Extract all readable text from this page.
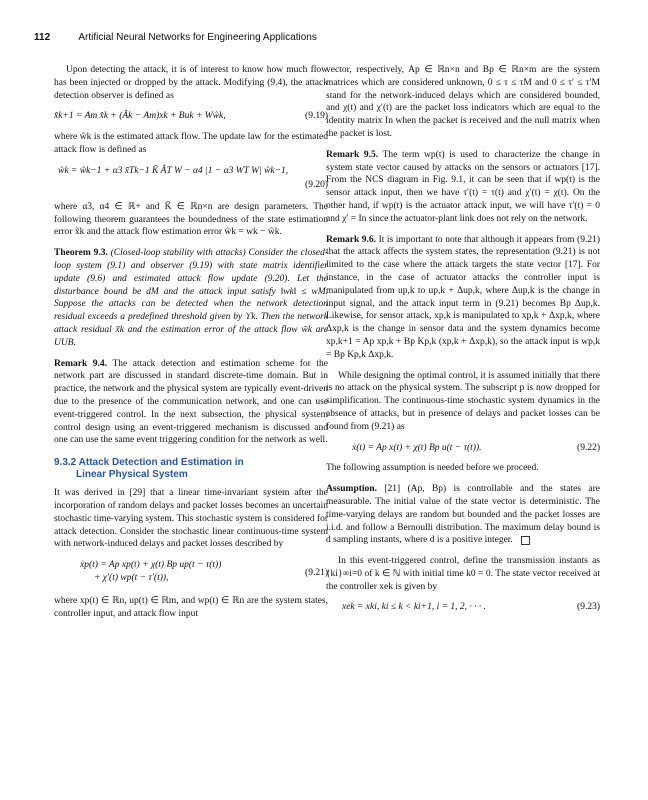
112	Artificial Neural Networks for Engineering Applications

Upon detecting the attack, it is of interest to know how much flow has been injected or dropped by the attack. Modifying (9.4), the attack detection observer is defined as

x̂k+1 = Am x̂k + (Âk − Am)xk + Buk + Wŵk,	(9.19)

where ŵk is the estimated attack flow. The update law for the estimated attack flow is defined as

ŵk = ŵk−1 + α3 x̃Tk−1 K̄ ÂT W − α4 |1 − α3 WT W| ŵk−1,
(9.20)

where α3, α4 ∈ ℝ+ and K̄ ∈ ℝn×n are design parameters. The following theorem guarantees the boundedness of the state estimation error x̃k and the attack flow estimation error w̃k = wk − ŵk.

Theorem 9.3. (Closed-loop stability with attacks) Consider the closed-loop system (9.1) and observer (9.19) with state matrix identifier update (9.6) and estimated attack flow update (9.20). Let the disturbance bound be dM and the attack input satisfy ‖wk‖ ≤ wM. Suppose the attacks can be detected when the network detection residual exceeds a predefined threshold given by ϒk. Then the network attack residual x̃k and the estimation error of the attack flow w̃k are UUB.

Remark 9.4. The attack detection and estimation scheme for the network part are discussed in standard discrete-time domain. But in practice, the network and the physical system are typically event-driven due to the presence of the communication network, and one can use event-triggered control. In the next subsection, the physical system control design using an event-triggered mechanism is discussed and one can use the same event triggering condition for the network as well.

9.3.2 Attack Detection and Estimation in
Linear Physical System

It was derived in [29] that a linear time-invariant system after the incorporation of random delays and packet losses becomes an uncertain stochastic time-varying system. This stochastic system is considered for attack detection. Consider the stochastic linear continuous-time system with network-induced delays and packet losses described by

ẋp(t) = Ap xp(t) + χ(t) Bp up(t − τ(t))
+ χ′(t) wp(t − τ′(t)),	(9.21)

where xp(t) ∈ ℝn, up(t) ∈ ℝm, and wp(t) ∈ ℝn are the system states, controller input, and attack flow input

vector, respectively, Ap ∈ ℝn×n and Bp ∈ ℝn×m are the system matrices which are considered unknown, 0 ≤ τ ≤ τM and 0 ≤ τ′ ≤ τ′M stand for the network-induced delays which are considered bounded, and χ(t) and χ′(t) are the packet loss indicators which are equal to the identity matrix In when the packet is received and the null matrix when the packet is lost.

Remark 9.5. The term wp(t) is used to characterize the change in system state vector caused by attacks on the sensors or actuators [17]. From the NCS diagram in Fig. 9.1, it can be seen that if wp(t) is the sensor attack input, then we have τ′(t) = τ(t) and χ′(t) = χ(t). On the other hand, if wp(t) is the actuator attack input, we will have τ′(t) = 0 and χ′ = In since the actuator-plant link does not rely on the network.

Remark 9.6. It is important to note that although it appears from (9.21) that the attack affects the system states, the representation (9.21) is not limited to the case where the attack targets the state vector [17]. For instance, in the case of actuator attacks the controller input is manipulated from up,k to up,k + Δup,k, where Δup,k is the change in input signal, and the attack input term in (9.21) becomes Bp Δup,k. Likewise, for sensor attack, xp,k is manipulated to xp,k + Δxp,k, where Δxp,k is the change in sensor data and the system dynamics become xp,k+1 = Ap xp,k + Bp Kp,k (xp,k + Δxp,k), so the attack input is wp,k = Bp Kp,k Δxp,k.

While designing the optimal control, it is assumed initially that there is no attack on the physical system. The subscript p is now dropped for simplification. The continuous-time stochastic system dynamics in the absence of attacks, but in presence of delays and packet losses can be found from (9.21) as

ẋ(t) = Ap x(t) + χ(t) Bp u(t − τ(t)).	(9.22)

The following assumption is needed before we proceed.

Assumption. [21] (Ap, Bp) is controllable and the states are measurable. The initial value of the state vector is deterministic. The time-varying delays are random but bounded and the packet losses are i.i.d. and follow a Bernoulli distribution. The maximum delay bound is d sampling instants, where d is a positive integer.

In this event-triggered control, define the transmission instants as {ki}∞i=0 of k ∈ ℕ with initial time k0 = 0. The state vector received at the controller xek is given by

xek = xki, ki ≤ k < ki+1, i = 1, 2, · · · .	(9.23)
